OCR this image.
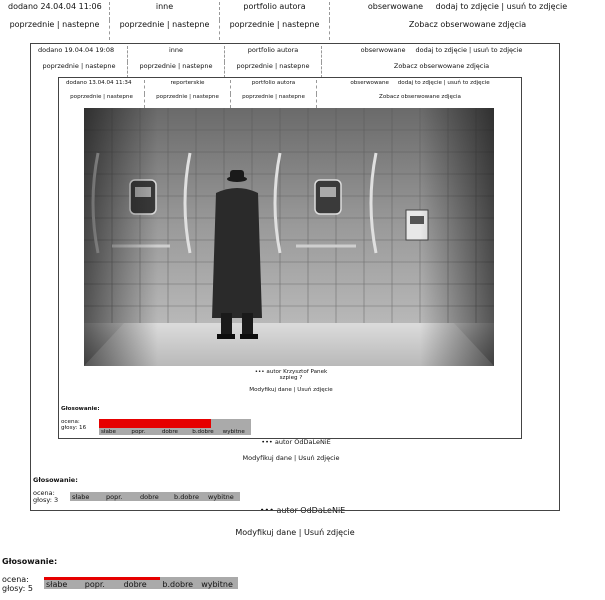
dodano 24.04.04 11:06	inne	portfolio autora	obserwowane dodaj to zdjęcie | usuń to zdjęcie
poprzednie | nastepne	poprzednie | nastepne	poprzednie | nastepne	Zobacz obserwowane zdjęcia
••• autor OdDaLeNiE
Modyfikuj dane | Usuń zdjęcie
Głosowanie:
ocena:
głosy: 5 słabe	popr.	dobre	b.dobre	wybitne
dodano 19.04.04 19:08	inne	portfolio autora	obserwowane dodaj to zdjęcie | usuń to zdjęcie
poprzednie | nastepne	poprzednie | nastepne	poprzednie | nastepne	Zobacz obserwowane zdjęcia
••• autor OdDaLeNiE
Modyfikuj dane | Usuń zdjęcie
Głosowanie:
ocena:
głosy: 3	słabe	popr.	dobre	b.dobre	wybitne
dodano 13.04.04 11:34	reporterskie	portfolio autora	obserwowane dodaj to zdjęcie | usuń to zdjęcie
poprzednie | nastepne	poprzednie | nastepne	poprzednie | nastepne	Zobacz obserwowane zdjęcia
••• autor Krzysztof Panek
szpieg ?
Modyfikuj dane | Usuń zdjęcie
Głosowanie:
ocena:
głosy: 16
słabe	popr.	dobre	b.dobre	wybitne
